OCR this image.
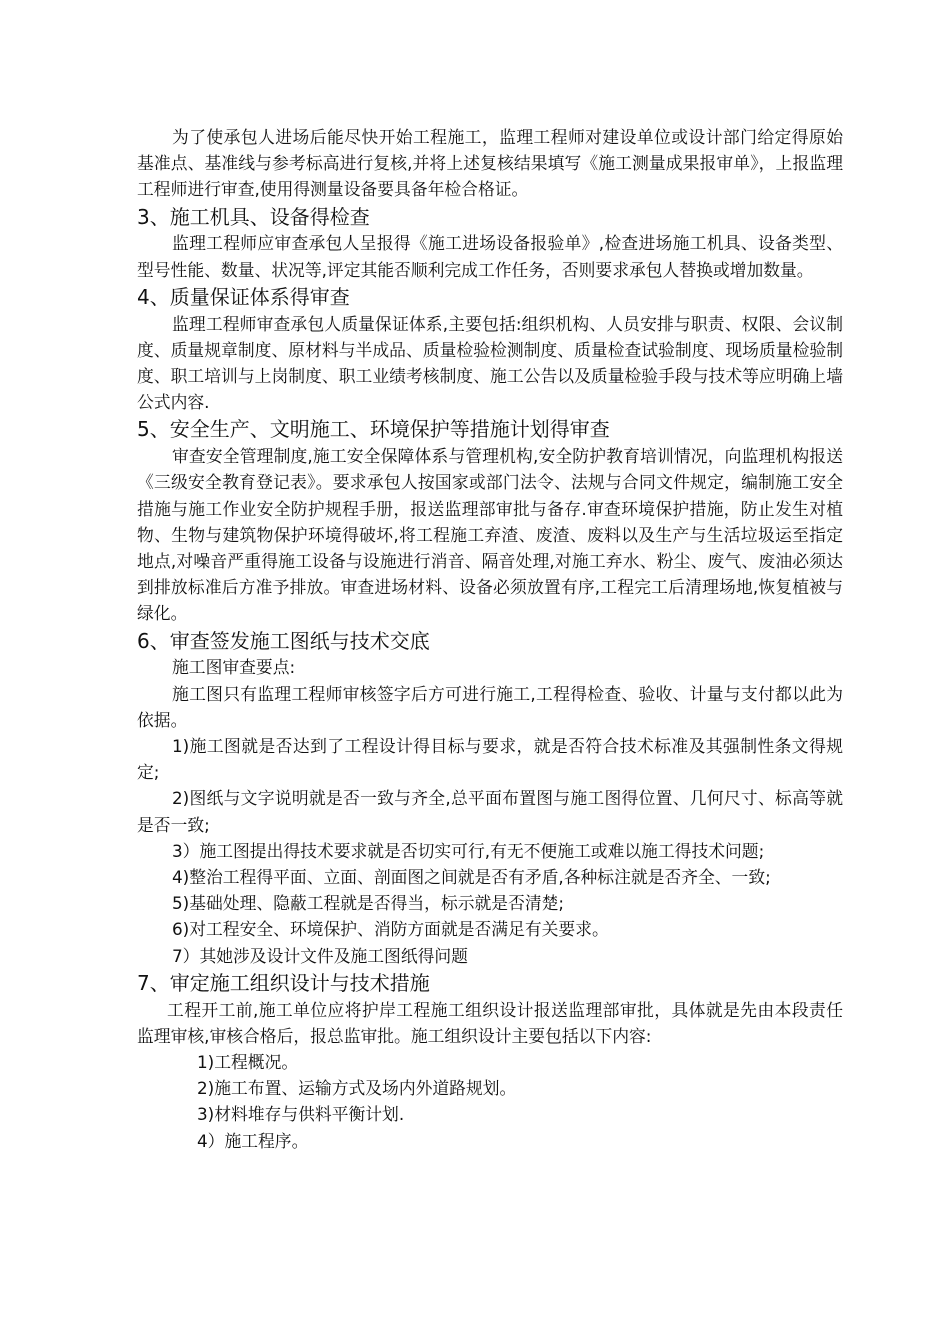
为了使承包人进场后能尽快开始工程施工，监理工程师对建设单位或设计部门给定得原始基准点、基准线与参考标高进行复核,并将上述复核结果填写《施工测量成果报审单》，上报监理工程师进行审查,使用得测量设备要具备年检合格证。

3、施工机具、设备得检查

监理工程师应审查承包人呈报得《施工进场设备报验单》,检查进场施工机具、设备类型、型号性能、数量、状况等,评定其能否顺利完成工作任务，否则要求承包人替换或增加数量。

4、质量保证体系得审查

监理工程师审查承包人质量保证体系,主要包括:组织机构、人员安排与职责、权限、会议制度、质量规章制度、原材料与半成品、质量检验检测制度、质量检查试验制度、现场质量检验制度、职工培训与上岗制度、职工业绩考核制度、施工公告以及质量检验手段与技术等应明确上墙公式内容.

5、安全生产、文明施工、环境保护等措施计划得审查

审查安全管理制度,施工安全保障体系与管理机构,安全防护教育培训情况，向监理机构报送《三级安全教育登记表》。要求承包人按国家或部门法令、法规与合同文件规定，编制施工安全措施与施工作业安全防护规程手册，报送监理部审批与备存.审查环境保护措施，防止发生对植物、生物与建筑物保护环境得破坏,将工程施工弃渣、废渣、废料以及生产与生活垃圾运至指定地点,对噪音严重得施工设备与设施进行消音、隔音处理,对施工弃水、粉尘、废气、废油必须达到排放标准后方准予排放。审查进场材料、设备必须放置有序,工程完工后清理场地,恢复植被与绿化。

6、审查签发施工图纸与技术交底

施工图审查要点:

施工图只有监理工程师审核签字后方可进行施工,工程得检查、验收、计量与支付都以此为依据。

1)施工图就是否达到了工程设计得目标与要求，就是否符合技术标准及其强制性条文得规定;

2)图纸与文字说明就是否一致与齐全,总平面布置图与施工图得位置、几何尺寸、标高等就是否一致;

3）施工图提出得技术要求就是否切实可行,有无不便施工或难以施工得技术问题;

4)整治工程得平面、立面、剖面图之间就是否有矛盾,各种标注就是否齐全、一致;

5)基础处理、隐蔽工程就是否得当，标示就是否清楚;

6)对工程安全、环境保护、消防方面就是否满足有关要求。

7）其她涉及设计文件及施工图纸得问题

7、审定施工组织设计与技术措施

工程开工前,施工单位应将护岸工程施工组织设计报送监理部审批，具体就是先由本段责任监理审核,审核合格后，报总监审批。施工组织设计主要包括以下内容:

1)工程概况。

2)施工布置、运输方式及场内外道路规划。

3)材料堆存与供料平衡计划.

4）施工程序。
